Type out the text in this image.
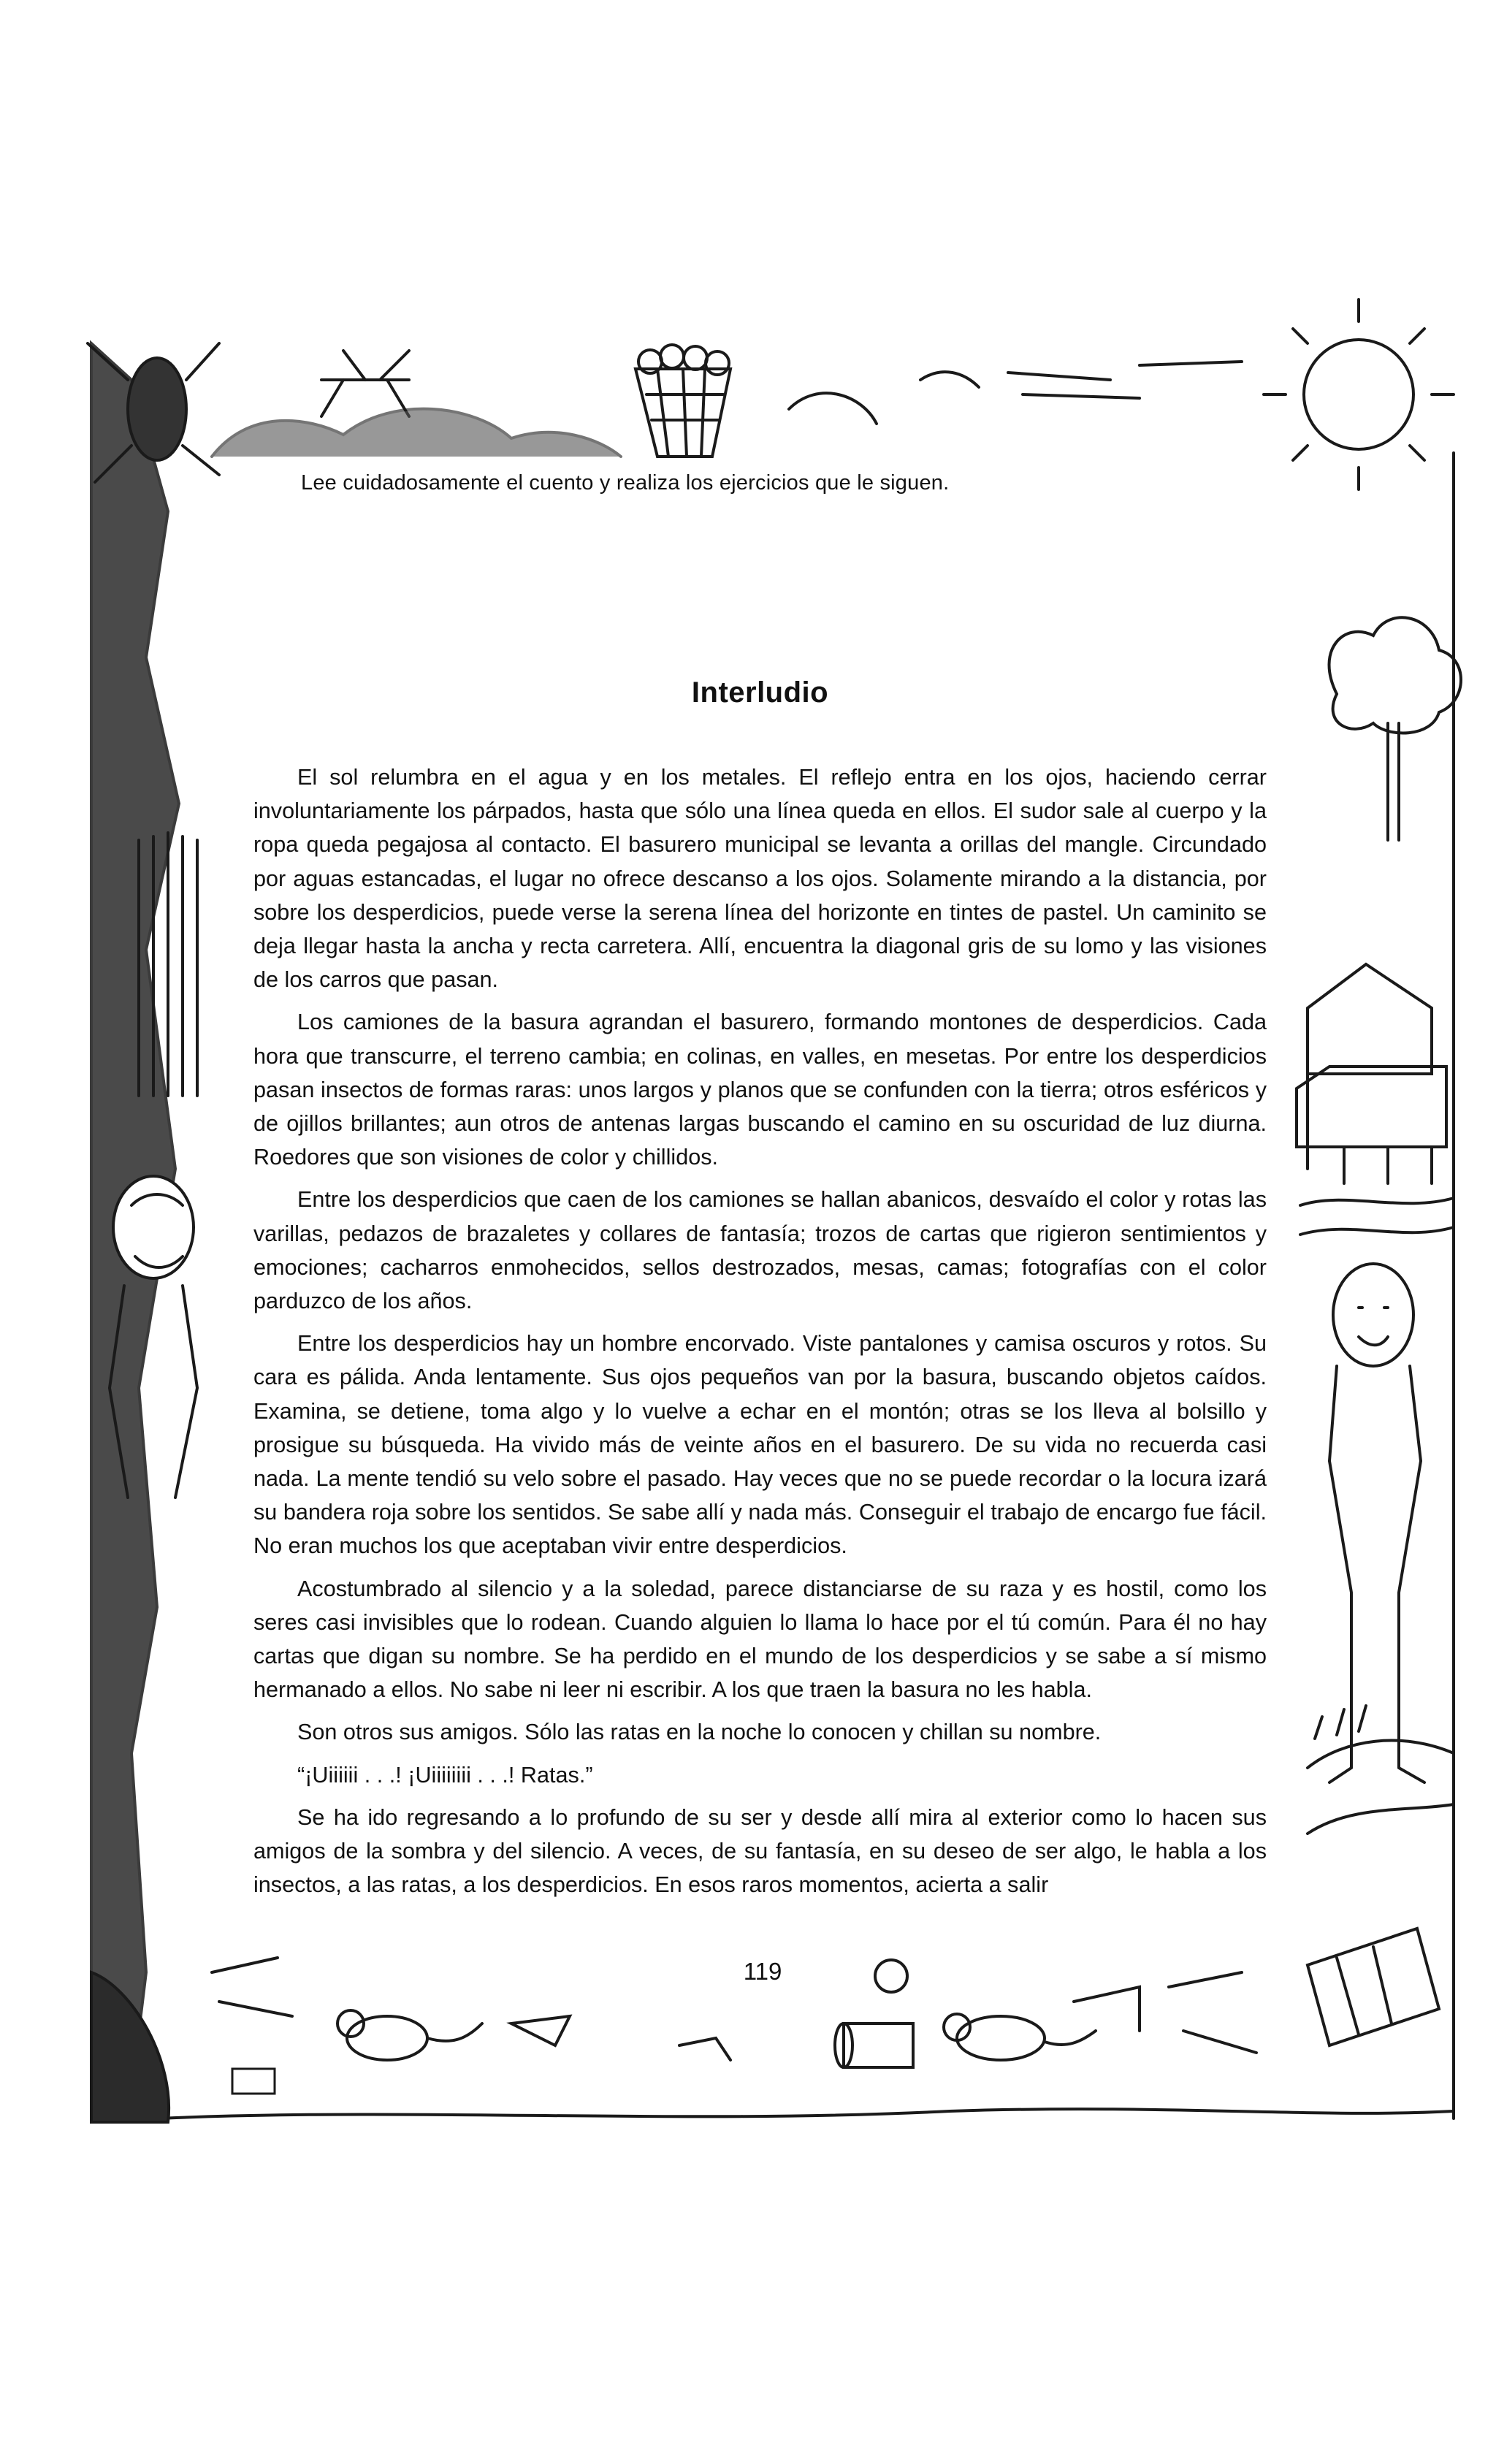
Lee cuidadosamente el cuento y realiza los ejercicios que le siguen.
Interludio

El sol relumbra en el agua y en los metales. El reflejo entra en los ojos, haciendo cerrar involuntariamente los párpados, hasta que sólo una línea queda en ellos. El sudor sale al cuerpo y la ropa queda pegajosa al contacto. El basurero municipal se levanta a orillas del mangle. Circundado por aguas estancadas, el lugar no ofrece descanso a los ojos. Solamente mirando a la distancia, por sobre los desperdicios, puede verse la serena línea del horizonte en tintes de pastel. Un caminito se deja llegar hasta la ancha y recta carretera. Allí, encuentra la diagonal gris de su lomo y las visiones de los carros que pasan.

Los camiones de la basura agrandan el basurero, formando montones de desperdicios. Cada hora que transcurre, el terreno cambia; en colinas, en valles, en mesetas. Por entre los desperdicios pasan insectos de formas raras: unos largos y planos que se confunden con la tierra; otros esféricos y de ojillos brillantes; aun otros de antenas largas buscando el camino en su oscuridad de luz diurna. Roedores que son visiones de color y chillidos.

Entre los desperdicios que caen de los camiones se hallan abanicos, desvaído el color y rotas las varillas, pedazos de brazaletes y collares de fantasía; trozos de cartas que rigieron sentimientos y emociones; cacharros enmohecidos, sellos destrozados, mesas, camas; fotografías con el color parduzco de los años.

Entre los desperdicios hay un hombre encorvado. Viste pantalones y camisa oscuros y rotos. Su cara es pálida. Anda lentamente. Sus ojos pequeños van por la basura, buscando objetos caídos. Examina, se detiene, toma algo y lo vuelve a echar en el montón; otras se los lleva al bolsillo y prosigue su búsqueda. Ha vivido más de veinte años en el basurero. De su vida no recuerda casi nada. La mente tendió su velo sobre el pasado. Hay veces que no se puede recordar o la locura izará su bandera roja sobre los sentidos. Se sabe allí y nada más. Conseguir el trabajo de encargo fue fácil. No eran muchos los que aceptaban vivir entre desperdicios.

Acostumbrado al silencio y a la soledad, parece distanciarse de su raza y es hostil, como los seres casi invisibles que lo rodean. Cuando alguien lo llama lo hace por el tú común. Para él no hay cartas que digan su nombre. Se ha perdido en el mundo de los desperdicios y se sabe a sí mismo hermanado a ellos. No sabe ni leer ni escribir. A los que traen la basura no les habla.

Son otros sus amigos. Sólo las ratas en la noche lo conocen y chillan su nombre.

“¡Uiiiiii . . .! ¡Uiiiiiiii . . .! Ratas.”

Se ha ido regresando a lo profundo de su ser y desde allí mira al exterior como lo hacen sus amigos de la sombra y del silencio. A veces, de su fantasía, en su deseo de ser algo, le habla a los insectos, a las ratas, a los desperdicios. En esos raros momentos, acierta a salir

119
